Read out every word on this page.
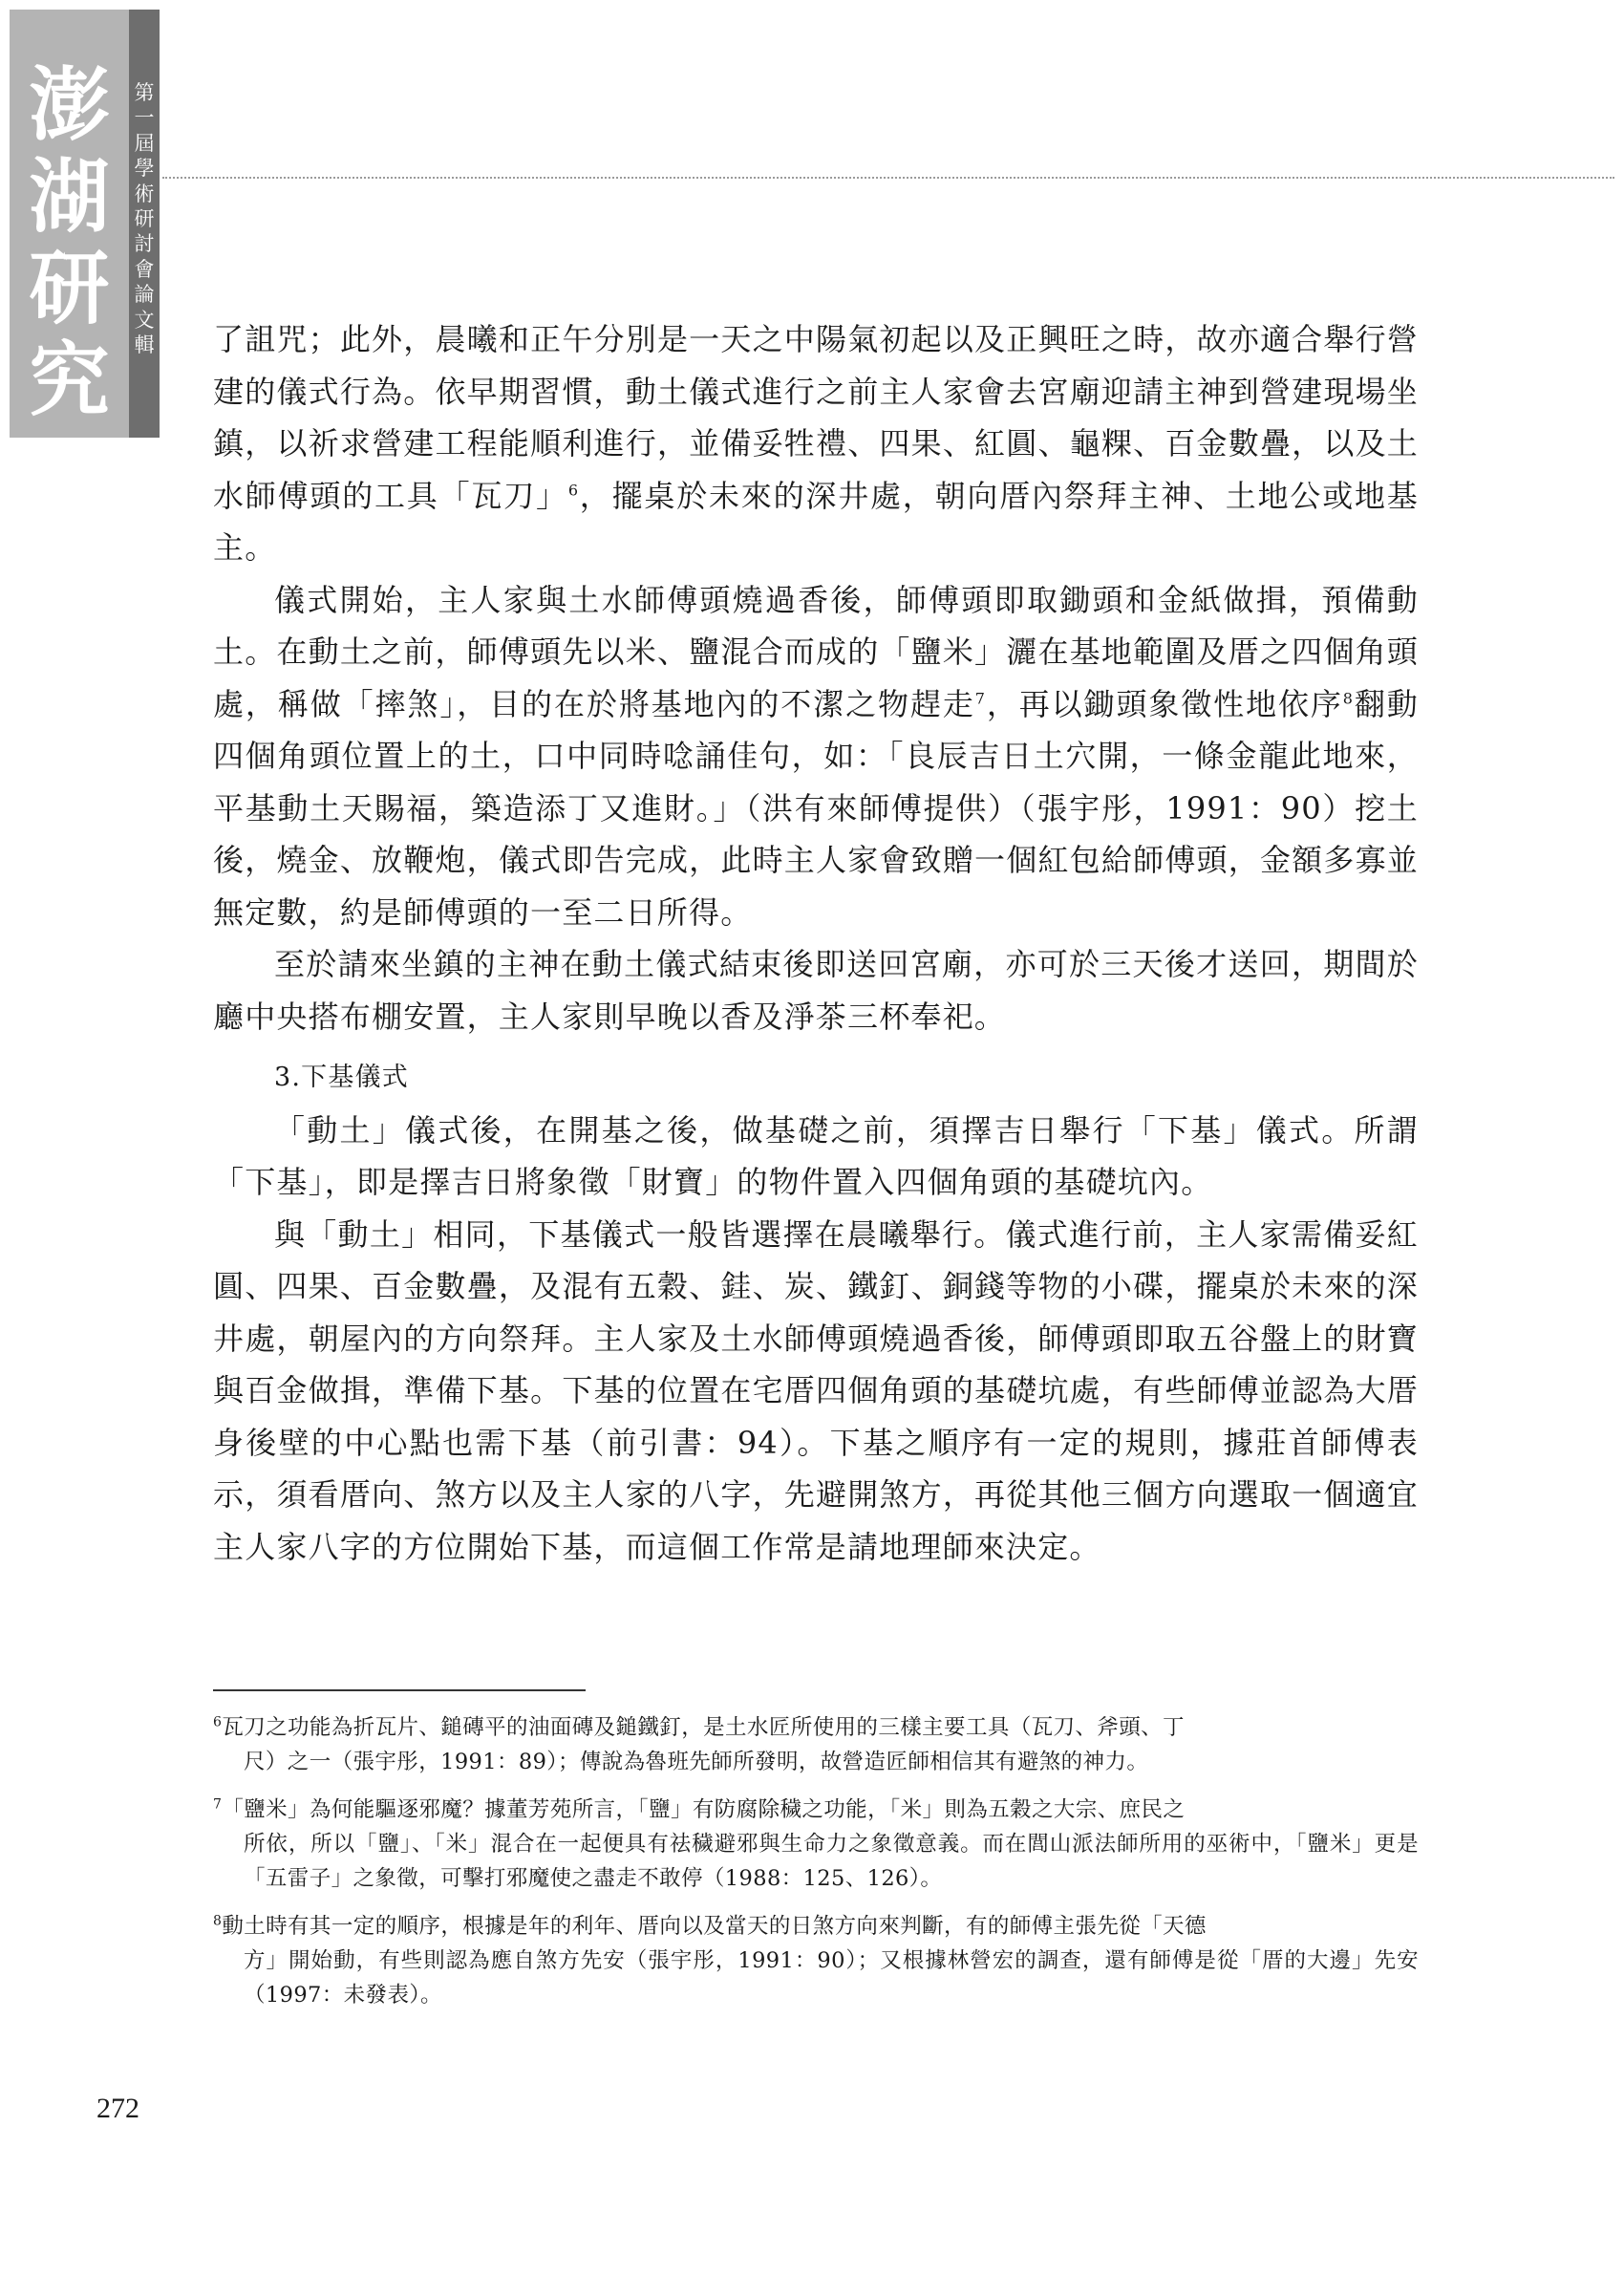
澎
湖
研
究
第
一
屆
學
術
研
討
會
論
文
輯 了詛咒；此外，晨曦和正午分別是一天之中陽氣初起以及正興旺之時，故亦適合舉行營建的儀式行為。依早期習慣，動土儀式進行之前主人家會去宮廟迎請主神到營建現場坐鎮，以祈求營建工程能順利進行，並備妥牲禮、四果、紅圓、龜粿、百金數疊，以及土水師傅頭的工具「瓦刀」$^6$，擺桌於未來的深井處，朝向厝內祭拜主神、土地公或地基主。

儀式開始，主人家與土水師傅頭燒過香後，師傅頭即取鋤頭和金紙做揖，預備動土。在動土之前，師傅頭先以米、鹽混合而成的「鹽米」灑在基地範圍及厝之四個角頭處，稱做「摔煞」，目的在於將基地內的不潔之物趕走$^7$，再以鋤頭象徵性地依序$^8$翻動四個角頭位置上的土，口中同時唸誦佳句，如：「良辰吉日土穴開，一條金龍此地來，平基動土天賜福，築造添丁又進財。」（洪有來師傅提供）（張宇彤，1991：90）挖土後，燒金、放鞭炮，儀式即告完成，此時主人家會致贈一個紅包給師傅頭，金額多寡並無定數，約是師傅頭的一至二日所得。

至於請來坐鎮的主神在動土儀式結束後即送回宮廟，亦可於三天後才送回，期間於廳中央搭布棚安置，主人家則早晚以香及淨茶三杯奉祀。

3.下基儀式

「動土」儀式後，在開基之後，做基礎之前，須擇吉日舉行「下基」儀式。所謂「下基」，即是擇吉日將象徵「財寶」的物件置入四個角頭的基礎坑內。

與「動土」相同，下基儀式一般皆選擇在晨曦舉行。儀式進行前，主人家需備妥紅圓、四果、百金數疊，及混有五穀、銈、炭、鐵釘、銅錢等物的小碟，擺桌於未來的深井處，朝屋內的方向祭拜。主人家及土水師傅頭燒過香後，師傅頭即取五谷盤上的財寶與百金做揖，準備下基。下基的位置在宅厝四個角頭的基礎坑處，有些師傅並認為大厝身後壁的中心點也需下基（前引書：94）。下基之順序有一定的規則，據莊首師傅表示，須看厝向、煞方以及主人家的八字，先避開煞方，再從其他三個方向選取一個適宜主人家八字的方位開始下基，而這個工作常是請地理師來決定。

$^6$瓦刀之功能為折瓦片、鎚磚平的油面磚及鎚鐵釘，是土水匠所使用的三樣主要工具（瓦刀、斧頭、丁
尺）之一（張宇彤，1991：89）；傳說為魯班先師所發明，故營造匠師相信其有避煞的神力。
$^7$「鹽米」為何能驅逐邪魔？據董芳苑所言，「鹽」有防腐除穢之功能，「米」則為五穀之大宗、庶民之
所依，所以「鹽」、「米」混合在一起便具有祛穢避邪與生命力之象徵意義。而在閭山派法師所用的巫術中，「鹽米」更是「五雷子」之象徵，可擊打邪魔使之盡走不敢停（1988：125、126）。
$^8$動土時有其一定的順序，根據是年的利年、厝向以及當天的日煞方向來判斷，有的師傅主張先從「天德
方」開始動，有些則認為應自煞方先安（張宇彤，1991：90）；又根據林營宏的調查，還有師傅是從「厝的大邊」先安（1997：未發表）。
272
